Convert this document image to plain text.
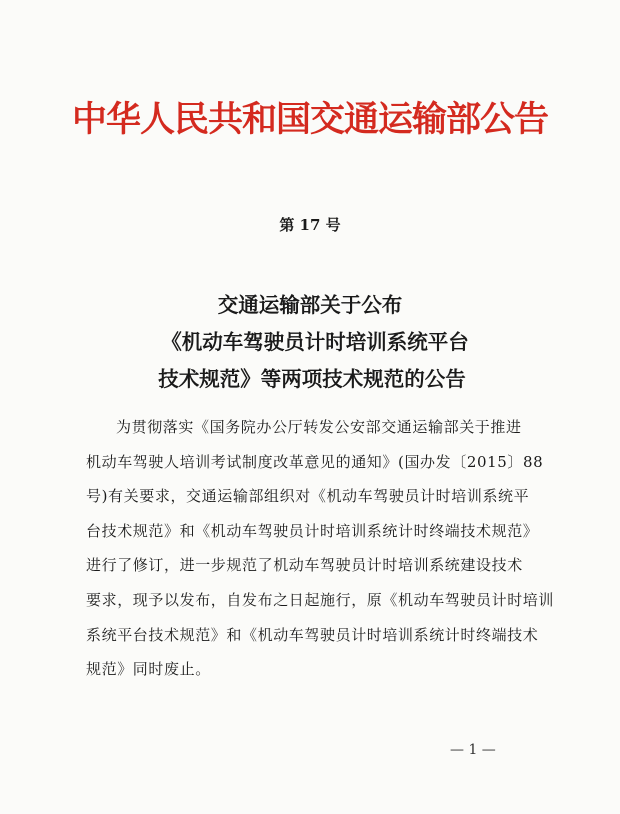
中华人民共和国交通运输部公告
第 17 号
交通运输部关于公布
《机动车驾驶员计时培训系统平台
技术规范》等两项技术规范的公告
为贯彻落实《国务院办公厅转发公安部交通运输部关于推进
机动车驾驶人培训考试制度改革意见的通知》(国办发〔2015〕88
号)有关要求，交通运输部组织对《机动车驾驶员计时培训系统平
台技术规范》和《机动车驾驶员计时培训系统计时终端技术规范》
进行了修订，进一步规范了机动车驾驶员计时培训系统建设技术
要求，现予以发布，自发布之日起施行，原《机动车驾驶员计时培训
系统平台技术规范》和《机动车驾驶员计时培训系统计时终端技术
规范》同时废止。
— 1 —
